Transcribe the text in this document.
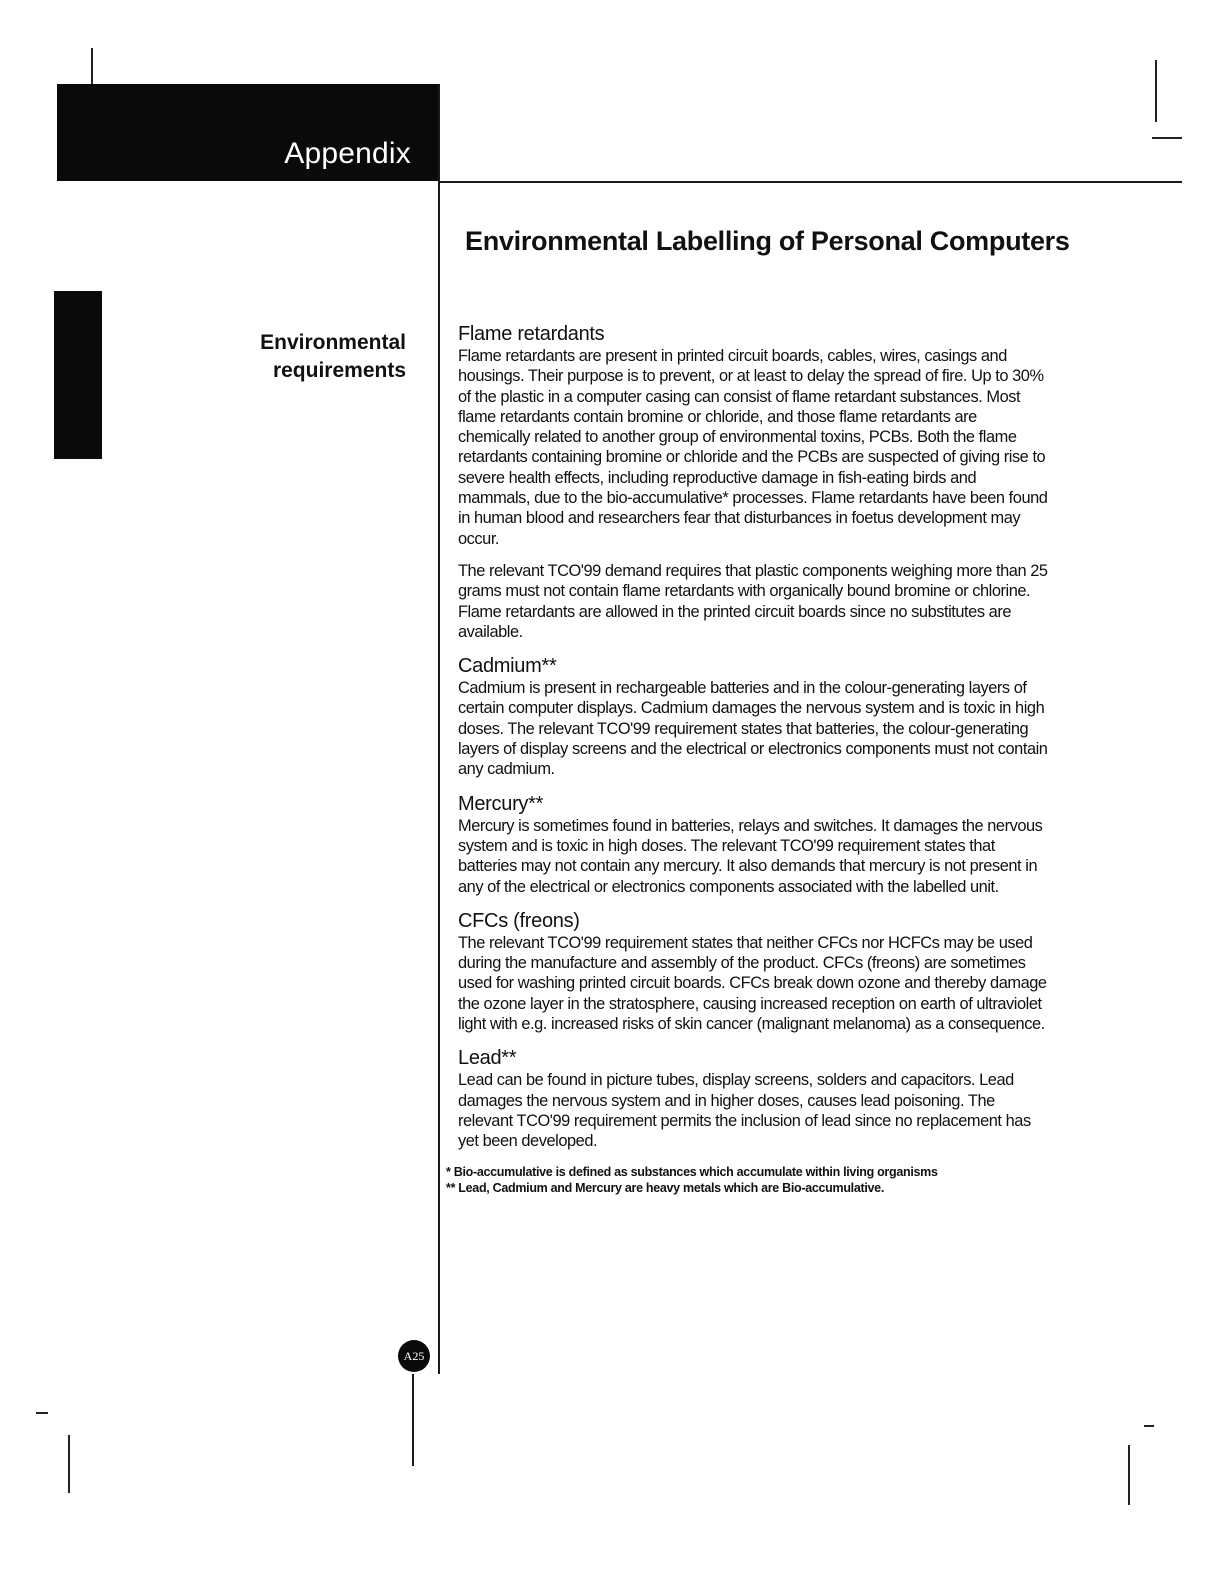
Appendix
Environmental
requirements
Environmental Labelling of Personal Computers
Flame retardants

Flame retardants are present in printed circuit boards, cables, wires, casings and housings. Their purpose is to prevent, or at least to delay the spread of fire. Up to 30% of the plastic in a computer casing can consist of flame retardant substances. Most flame retardants contain bromine or chloride, and those flame retardants are chemically related to another group of environmental toxins, PCBs. Both the flame retardants containing bromine or chloride and the PCBs are suspected of giving rise to severe health effects, including reproductive damage in fish-eating birds and mammals, due to the bio-accumulative* processes. Flame retardants have been found in human blood and researchers fear that disturbances in foetus development may occur.

The relevant TCO'99 demand requires that plastic components weighing more than 25 grams must not contain flame retardants with organically bound bromine or chlorine. Flame retardants are allowed in the printed circuit boards since no substitutes are available.

Cadmium**

Cadmium is present in rechargeable batteries and in the colour-generating layers of certain computer displays. Cadmium damages the nervous system and is toxic in high doses. The relevant TCO'99 requirement states that batteries, the colour-generating layers of display screens and the electrical or electronics components must not contain any cadmium.

Mercury**

Mercury is sometimes found in batteries, relays and switches. It damages the nervous system and is toxic in high doses. The relevant TCO'99 requirement states that batteries may not contain any mercury. It also demands that mercury is not present in any of the electrical or electronics components associated with the labelled unit.

CFCs (freons)

The relevant TCO'99 requirement states that neither CFCs nor HCFCs may be used during the manufacture and assembly of the product. CFCs (freons) are sometimes used for washing printed circuit boards. CFCs break down ozone and thereby damage the ozone layer in the stratosphere, causing increased reception on earth of ultraviolet light with e.g. increased risks of skin cancer (malignant melanoma) as a consequence.

Lead**

Lead can be found in picture tubes, display screens, solders and capacitors. Lead damages the nervous system and in higher doses, causes lead poisoning. The relevant TCO'99 requirement permits the inclusion of lead since no replacement has yet been developed.

* Bio-accumulative is defined as substances which accumulate within living organisms
** Lead, Cadmium and Mercury are heavy metals which are Bio-accumulative.
A25
